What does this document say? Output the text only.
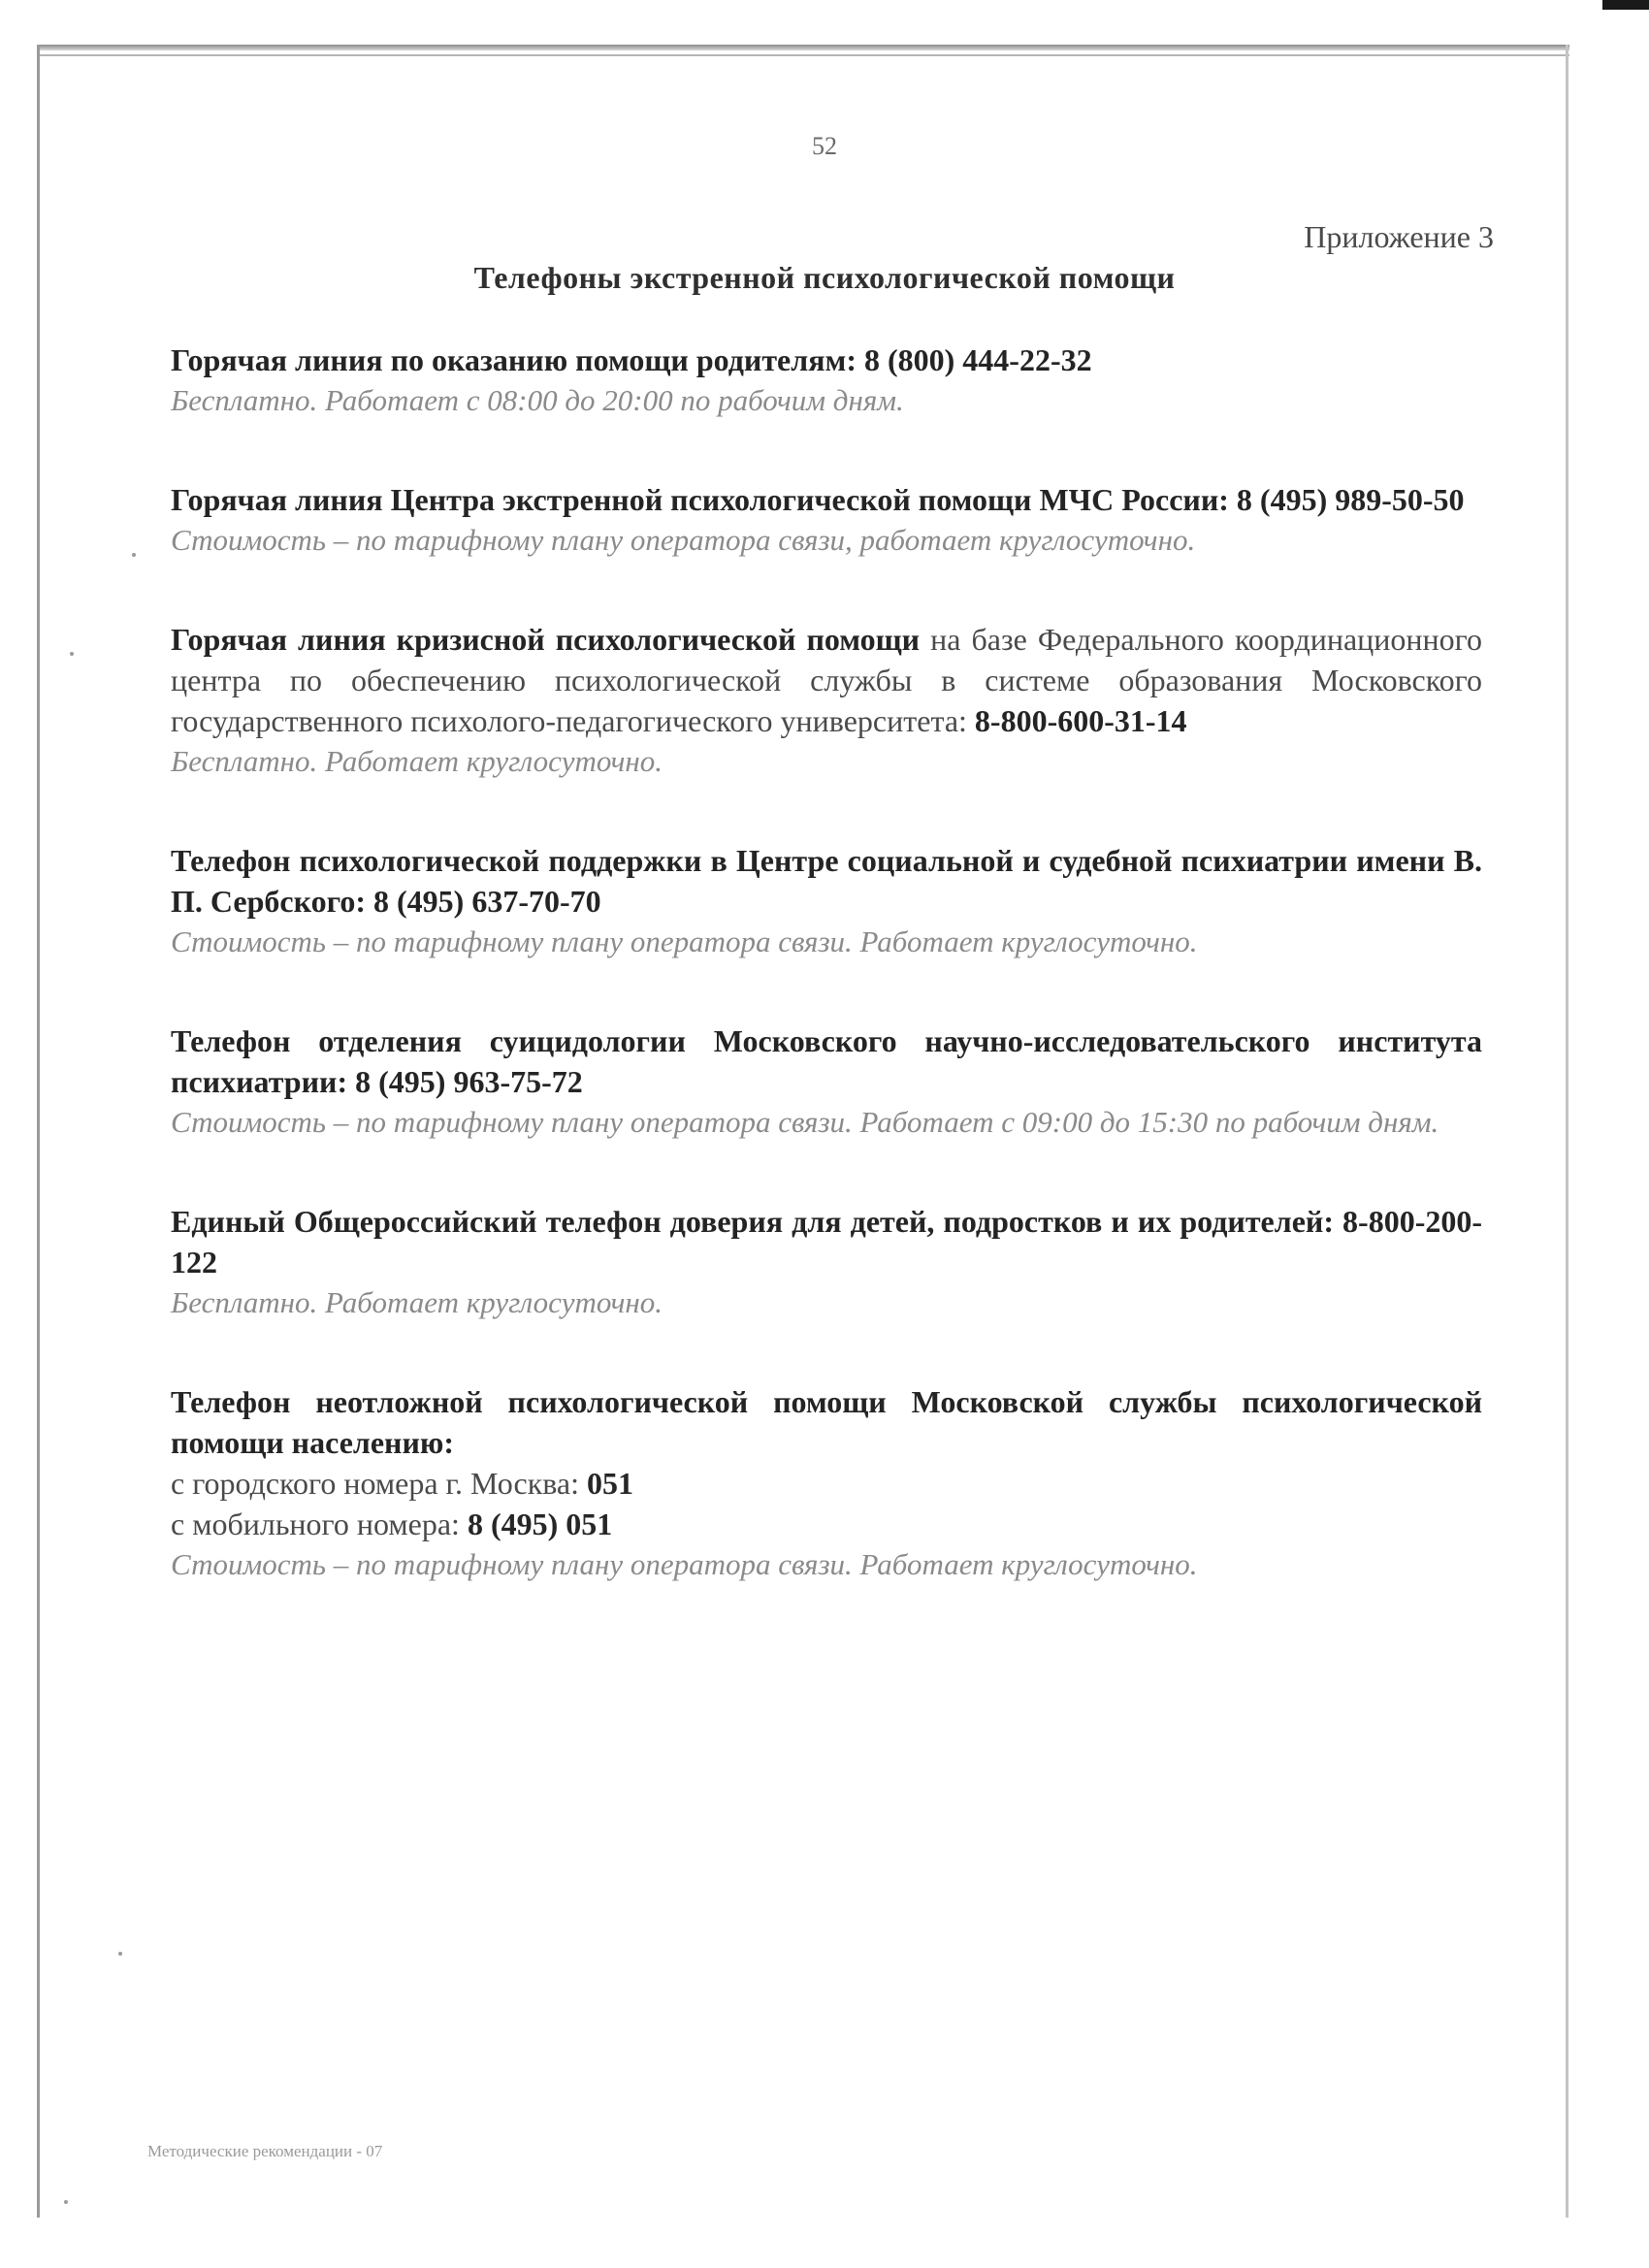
52
Приложение 3
Телефоны экстренной психологической помощи
Горячая линия по оказанию помощи родителям: 8 (800) 444-22-32
Бесплатно. Работает с 08:00 до 20:00 по рабочим дням.
Горячая линия Центра экстренной психологической помощи МЧС России: 8 (495) 989-50-50
Стоимость – по тарифному плану оператора связи, работает круглосуточно.
Горячая линия кризисной психологической помощи на базе Федерального координационного центра по обеспечению психологической службы в системе образования Московского государственного психолого-педагогического университета: 8-800-600-31-14
Бесплатно. Работает круглосуточно.
Телефон психологической поддержки в Центре социальной и судебной психиатрии имени В. П. Сербского: 8 (495) 637-70-70
Стоимость – по тарифному плану оператора связи. Работает круглосуточно.
Телефон отделения суицидологии Московского научно-исследовательского института психиатрии: 8 (495) 963-75-72
Стоимость – по тарифному плану оператора связи. Работает с 09:00 до 15:30 по рабочим дням.
Единый Общероссийский телефон доверия для детей, подростков и их родителей: 8-800-200-122
Бесплатно. Работает круглосуточно.
Телефон неотложной психологической помощи Московской службы психологической помощи населению:
с городского номера г. Москва: 051
с мобильного номера: 8 (495) 051
Стоимость – по тарифному плану оператора связи. Работает круглосуточно.
Методические рекомендации - 07
